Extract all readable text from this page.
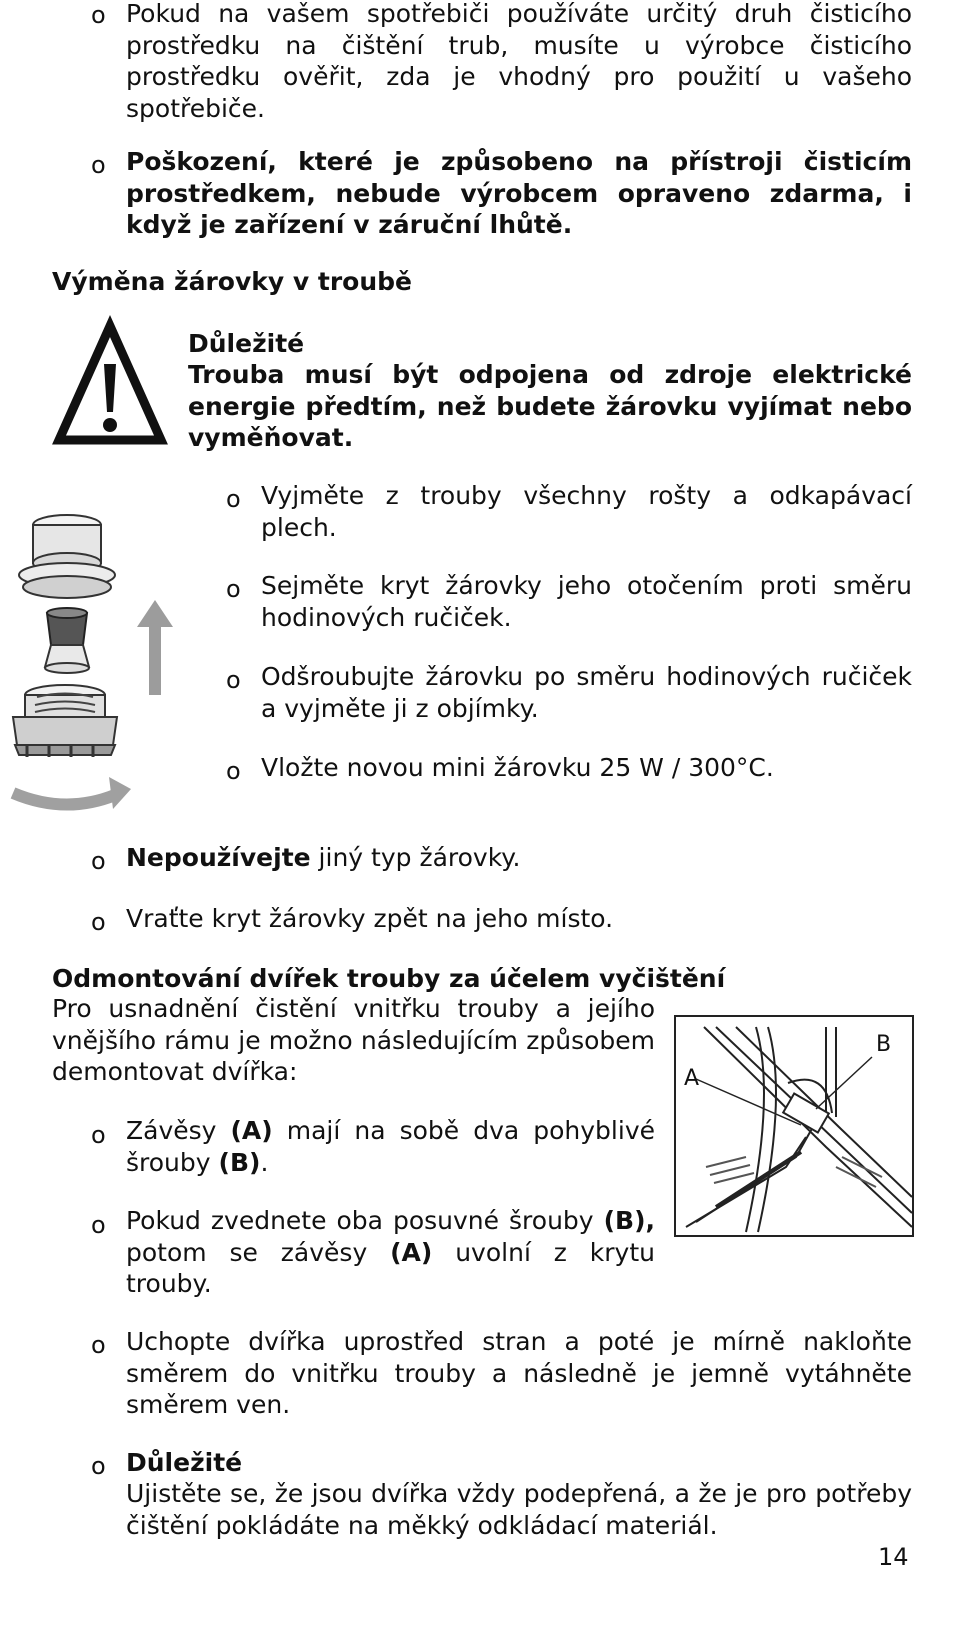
o Pokud na vašem spotřebiči používáte určitý druh čisticího prostředku na čištění trub, musíte u výrobce čisticího prostředku ověřit, zda je vhodný pro použití u vašeho spotřebiče.
o Poškození, které je způsobeno na přístroji čisticím prostředkem, nebude výrobcem opraveno zdarma, i když je zařízení v záruční lhůtě.
Výměna žárovky v troubě
Důležité
Trouba musí být odpojena od zdroje elektrické energie předtím, než budete žárovku vyjímat nebo vyměňovat.
o Vyjměte z trouby všechny rošty a odkapávací plech.
o Sejměte kryt žárovky jeho otočením proti směru hodinových ručiček.
o Odšroubujte žárovku po směru hodinových ručiček a vyjměte ji z objímky.
o Vložte novou mini žárovku 25 W / 300°C.
o Nepoužívejte jiný typ žárovky.
o Vraťte kryt žárovky zpět na jeho místo.
Odmontování dvířek trouby za účelem vyčištění
Pro usnadnění čistění vnitřku trouby a jejího vnějšího rámu je možno následujícím způsobem demontovat dvířka:	A
B
o Závěsy (A) mají na sobě dva pohyblivé šrouby (B).
o Pokud zvednete oba posuvné šrouby (B), potom se závěsy (A) uvolní z krytu trouby.
o Uchopte dvířka uprostřed stran a poté je mírně nakloňte směrem do vnitřku trouby a následně je jemně vytáhněte směrem ven.
o Důležité
Ujistěte se, že jsou dvířka vždy podepřená, a že je pro potřeby čištění pokládáte na měkký odkládací materiál.
14
